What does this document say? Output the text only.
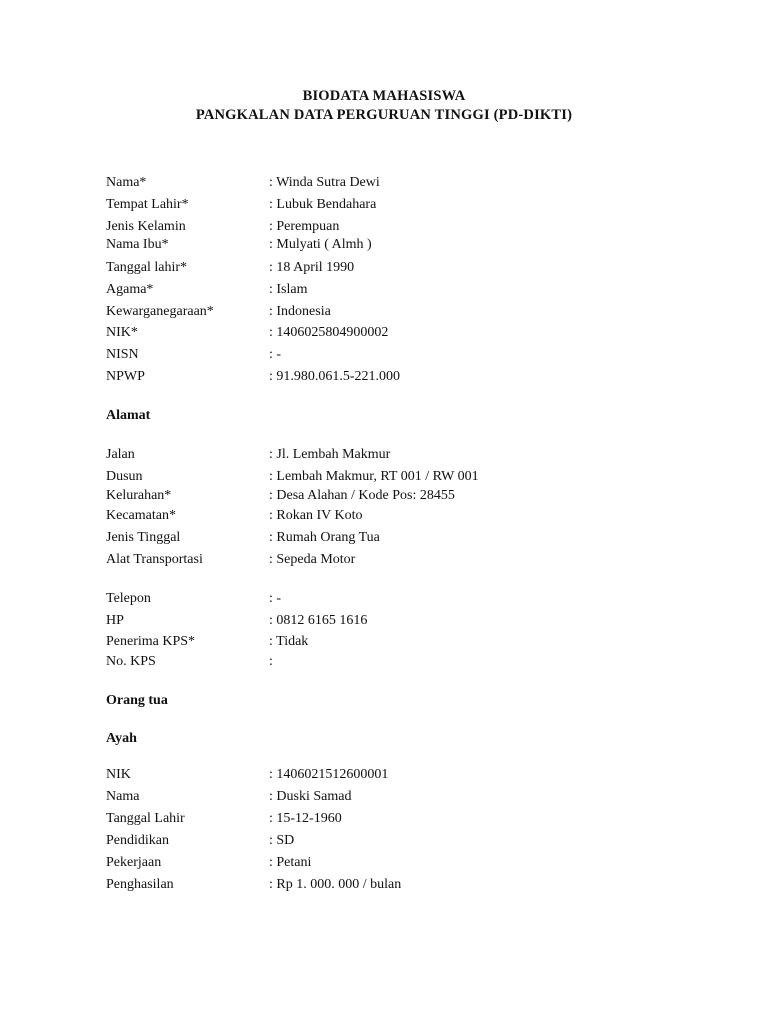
BIODATA MAHASISWA
PANGKALAN DATA PERGURUAN TINGGI (PD-DIKTI)
Nama*	: Winda Sutra Dewi
Tempat Lahir*	: Lubuk Bendahara
Jenis Kelamin	: Perempuan
Nama Ibu*	: Mulyati ( Almh )
Tanggal lahir*	: 18 April 1990
Agama*	: Islam
Kewarganegaraan*	: Indonesia
NIK*	: 1406025804900002
NISN	: -
NPWP	: 91.980.061.5-221.000
Alamat
Jalan	: Jl. Lembah Makmur
Dusun	: Lembah Makmur, RT 001 / RW 001
Kelurahan*	: Desa Alahan / Kode Pos: 28455
Kecamatan*	: Rokan IV Koto
Jenis Tinggal	: Rumah Orang Tua
Alat Transportasi	: Sepeda Motor
Telepon	: -
HP	: 0812 6165 1616
Penerima KPS*	: Tidak
No. KPS	:
Orang tua
Ayah
NIK	: 1406021512600001
Nama	: Duski Samad
Tanggal Lahir	: 15-12-1960
Pendidikan	: SD
Pekerjaan	: Petani
Penghasilan	: Rp 1. 000. 000 / bulan
